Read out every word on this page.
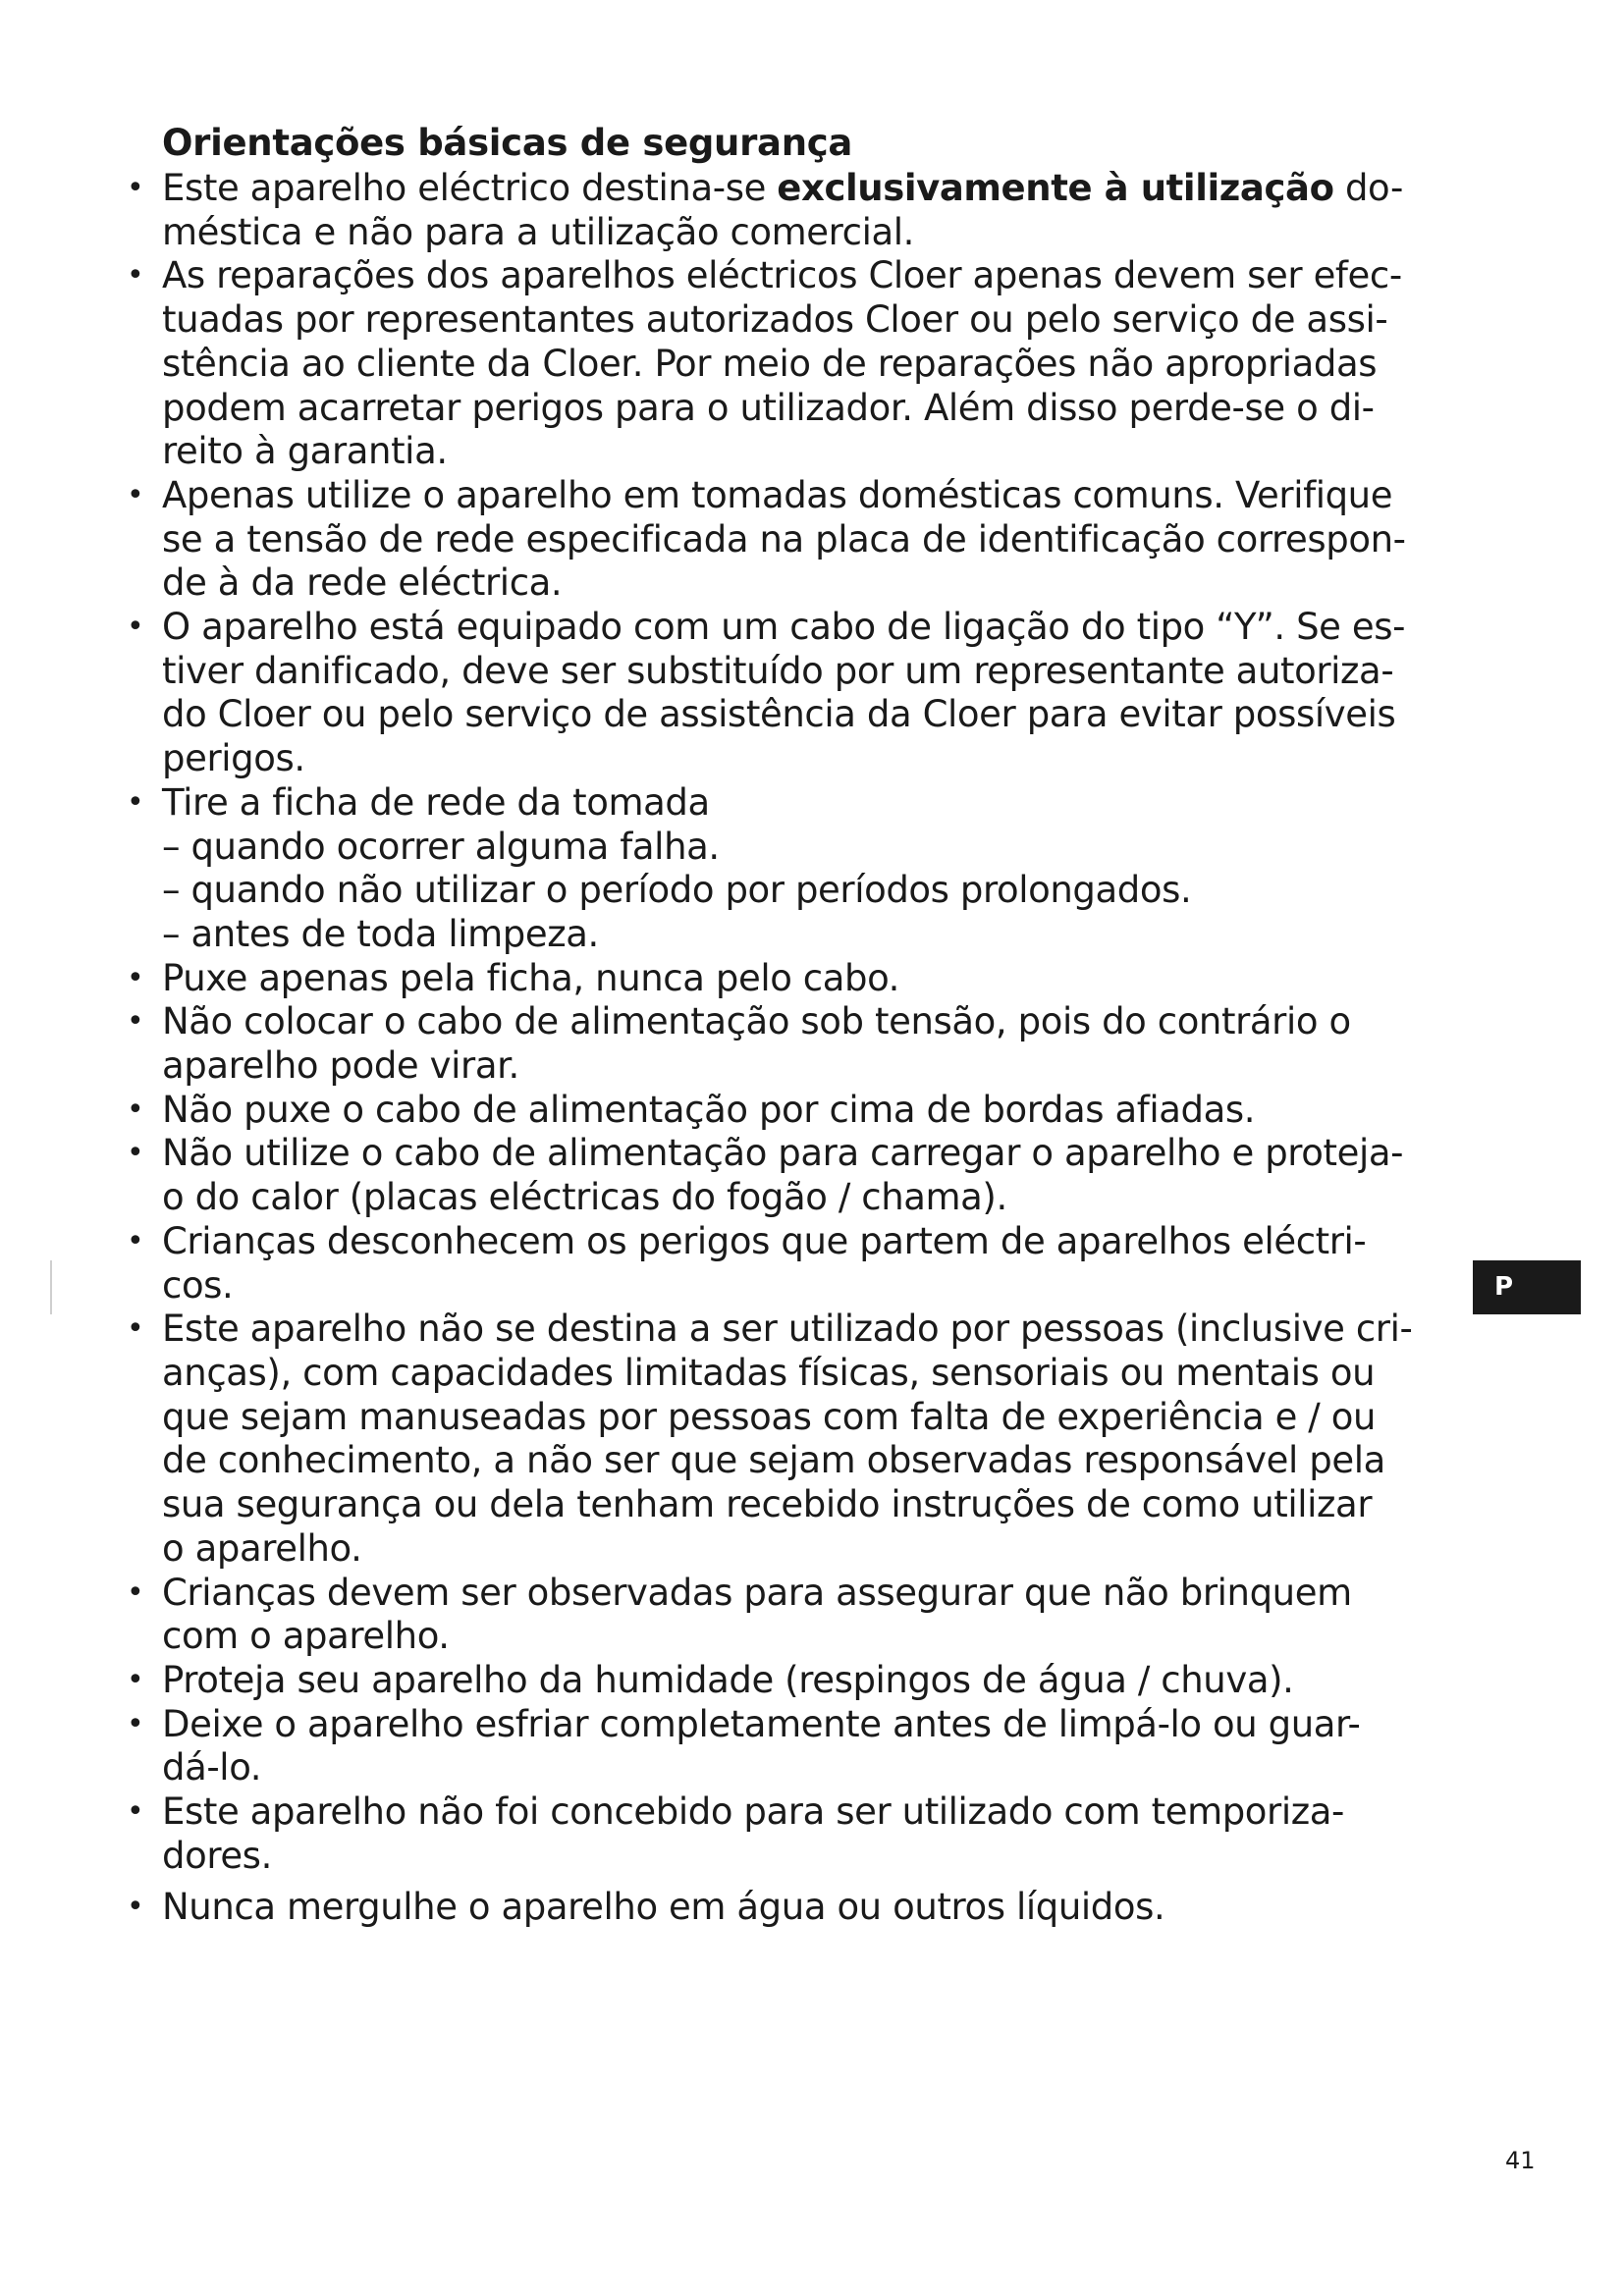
Orientações básicas de segurança
• Este aparelho eléctrico destina-se exclusivamente à utilização do-
méstica e não para a utilização comercial.
• As reparações dos aparelhos eléctricos Cloer apenas devem ser efec-
tuadas por representantes autorizados Cloer ou pelo serviço de assi-
stência ao cliente da Cloer. Por meio de reparações não apropriadas
podem acarretar perigos para o utilizador. Além disso perde-se o di-
reito à garantia.
• Apenas utilize o aparelho em tomadas domésticas comuns. Verifique
se a tensão de rede especificada na placa de identificação correspon-
de à da rede eléctrica.
• O aparelho está equipado com um cabo de ligação do tipo “Y”. Se es-
tiver danificado, deve ser substituído por um representante autoriza-
do Cloer ou pelo serviço de assistência da Cloer para evitar possíveis
perigos.
• Tire a ficha de rede da tomada
– quando ocorrer alguma falha.
– quando não utilizar o período por períodos prolongados.
– antes de toda limpeza.
• Puxe apenas pela ficha, nunca pelo cabo.
• Não colocar o cabo de alimentação sob tensão, pois do contrário o
aparelho pode virar.
• Não puxe o cabo de alimentação por cima de bordas afiadas.
• Não utilize o cabo de alimentação para carregar o aparelho e proteja-
o do calor (placas eléctricas do fogão / chama).
• Crianças desconhecem os perigos que partem de aparelhos eléctri-
cos.
• Este aparelho não se destina a ser utilizado por pessoas (inclusive cri-
anças), com capacidades limitadas físicas, sensoriais ou mentais ou
que sejam manuseadas por pessoas com falta de experiência e / ou
de conhecimento, a não ser que sejam observadas responsável pela
sua segurança ou dela tenham recebido instruções de como utilizar
o aparelho.
• Crianças devem ser observadas para assegurar que não brinquem
com o aparelho.
• Proteja seu aparelho da humidade (respingos de água / chuva).
• Deixe o aparelho esfriar completamente antes de limpá-lo ou guar-
dá-lo.
• Este aparelho não foi concebido para ser utilizado com temporiza-
dores.
• Nunca mergulhe o aparelho em água ou outros líquidos.
P
41
